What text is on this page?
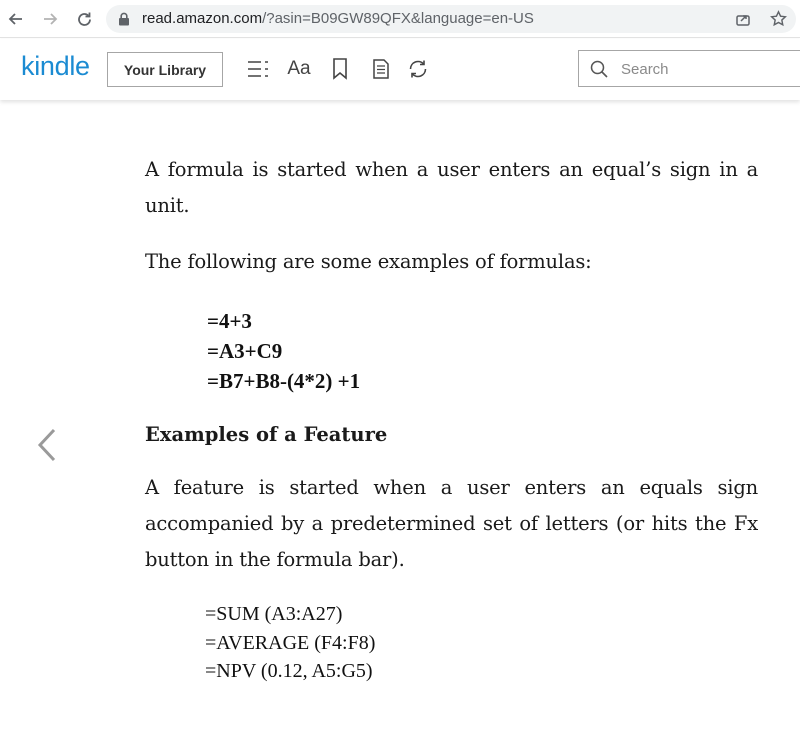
read.amazon.com/?asin=B09GW89QFX&language=en-US
kindle	Your Library	Aa
Search

A formula is started when a user enters an equal’s sign in a unit.

The following are some examples of formulas:

=4+3
=A3+C9
=B7+B8-(4*2) +1
Examples of a Feature

A feature is started when a user enters an equals sign accompanied by a predetermined set of letters (or hits the Fx button in the formula bar).

=SUM (A3:A27)
=AVERAGE (F4:F8)
=NPV (0.12, A5:G5)
